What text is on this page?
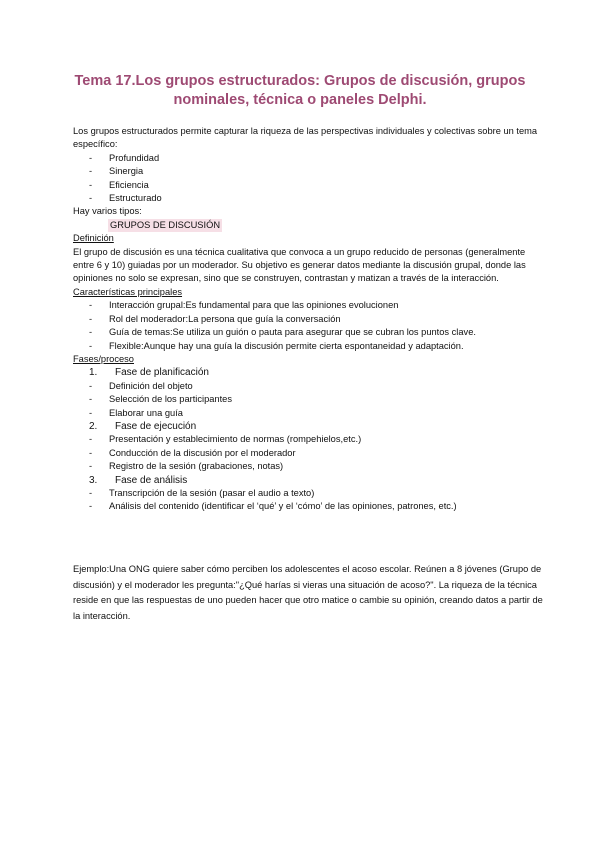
Tema 17.Los grupos estructurados: Grupos de discusión, grupos nominales, técnica o paneles Delphi.

Los grupos estructurados permite capturar la riqueza de las perspectivas individuales y colectivas sobre un tema específico:

-	Profundidad
-	Sinergia
-	Eficiencia
-	Estructurado

Hay varios tipos:

GRUPOS DE DISCUSIÓN

Definición

El grupo de discusión es una técnica cualitativa que convoca a un grupo reducido de personas (generalmente entre 6 y 10) guiadas por un moderador. Su objetivo es generar datos mediante la discusión grupal, donde las opiniones no solo se expresan, sino que se construyen, contrastan y matizan a través de la interacción.

Características principales

-	Interacción grupal:Es fundamental para que las opiniones evolucionen
-	Rol del moderador:La persona que guía la conversación
-	Guía de temas:Se utiliza un guión o pauta para asegurar que se cubran los puntos clave.
-	Flexible:Aunque hay una guía la discusión permite cierta espontaneidad y adaptación.

Fases/proceso

1.	Fase de planificación
-	Definición del objeto
-	Selección de los participantes
-	Elaborar una guía
2.	Fase de ejecución
-	Presentación y establecimiento de normas (rompehielos,etc.)
-	Conducción de la discusión por el moderador
-	Registro de la sesión (grabaciones, notas)
3.	Fase de análisis
-	Transcripción de la sesión (pasar el audio a texto)
-	Análisis del contenido (identificar el ‘qué’ y el ‘cómo’ de las opiniones, patrones, etc.)

Ejemplo:Una ONG quiere saber cómo perciben los adolescentes el acoso escolar. Reúnen a 8 jóvenes (Grupo de discusión) y el moderador les pregunta:"¿Qué harías si vieras una situación de acoso?". La riqueza de la técnica reside en que las respuestas de uno pueden hacer que otro matice o cambie su opinión, creando datos a partir de la interacción.
